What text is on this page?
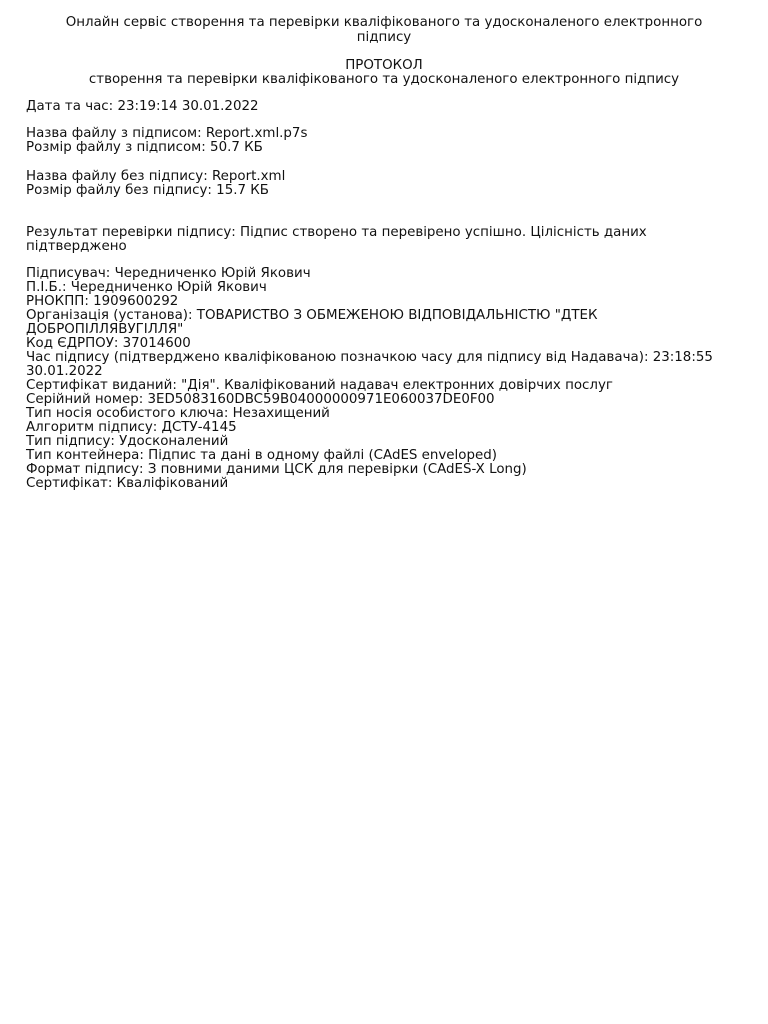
Онлайн сервіс створення та перевірки кваліфікованого та удосконаленого електронного підпису
ПРОТОКОЛ
створення та перевірки кваліфікованого та удосконаленого електронного підпису
Дата та час: 23:19:14 30.01.2022
Назва файлу з підписом: Report.xml.p7s
Розмір файлу з підписом: 50.7 КБ
Назва файлу без підпису: Report.xml
Розмір файлу без підпису: 15.7 КБ
Результат перевірки підпису: Підпис створено та перевірено успішно. Цілісність даних підтверджено
Підписувач: Чередниченко Юрій Якович
П.І.Б.: Чередниченко Юрій Якович
РНОКПП: 1909600292
Організація (установа): ТОВАРИСТВО З ОБМЕЖЕНОЮ ВІДПОВІДАЛЬНІСТЮ "ДТЕК ДОБРОПІЛЛЯВУГІЛЛЯ"
Код ЄДРПОУ: 37014600
Час підпису (підтверджено кваліфікованою позначкою часу для підпису від Надавача): 23:18:55 30.01.2022
Сертифікат виданий: "Дія". Кваліфікований надавач електронних довірчих послуг
Серійний номер: 3ED5083160DBC59B04000000971E060037DE0F00
Тип носія особистого ключа: Незахищений
Алгоритм підпису: ДСТУ-4145
Тип підпису: Удосконалений
Тип контейнера: Підпис та дані в одному файлі (CAdES enveloped)
Формат підпису: З повними даними ЦСК для перевірки (CAdES-X Long)
Сертифікат: Кваліфікований
